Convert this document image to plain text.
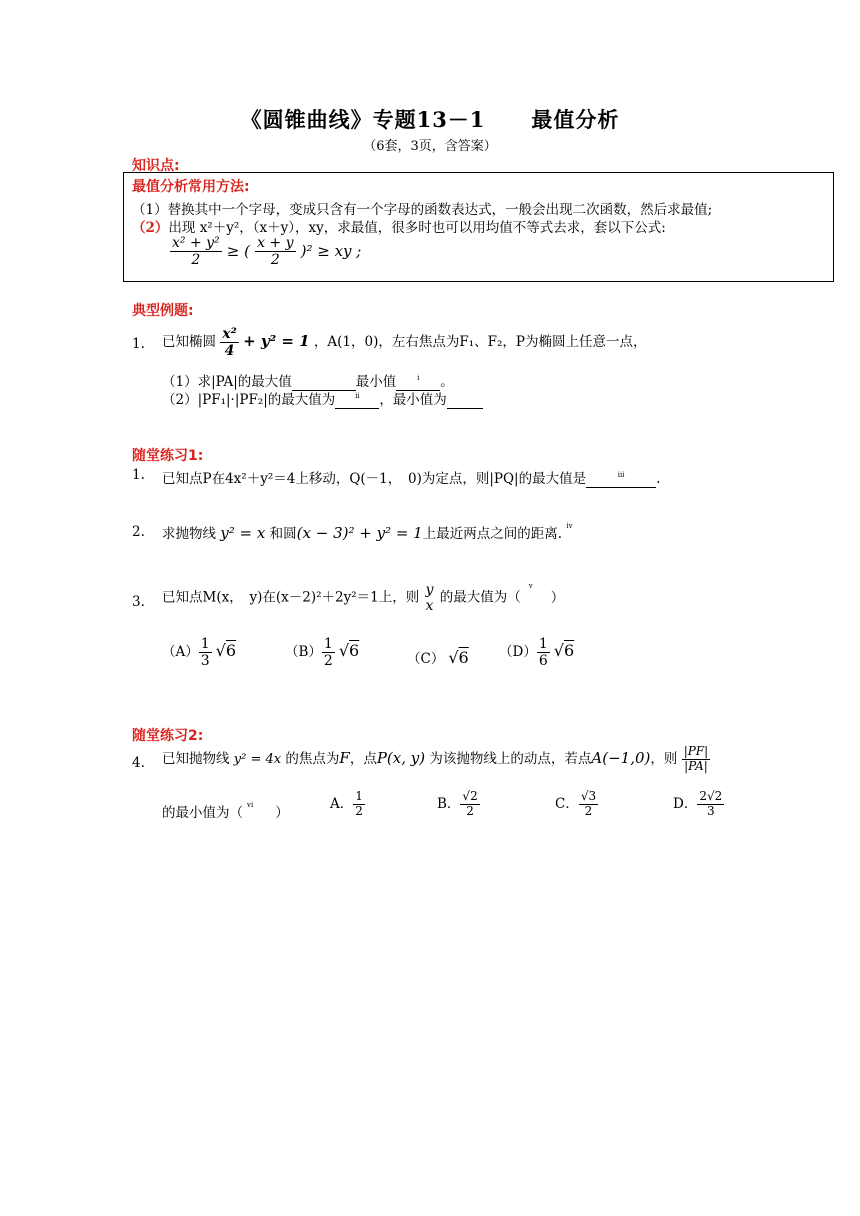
《圆锥曲线》专题13－1 最值分析
（6套，3页，含答案）
知识点:
最值分析常用方法:
（1）替换其中一个字母，变成只含有一个字母的函数表达式，一般会出现二次函数，然后求最值;
（2）出现 x²＋y²，（x＋y），xy，求最值，很多时也可以用均值不等式去求，套以下公式:
$\frac{\text{x² + y²}}{2}$ ≥ ( $\frac{x + y}{2} )^2$ ≥ xy ;
典型例题:
1. 已知椭圆 $\frac{\text{x²}}{4} + y^2 = 1$ ，A(1，0)，左右焦点为F₁、F₂，P为椭圆上任意一点，
（1）求|PA|的最大值	最小值	$^i$ 。
（2）|PF₁|·|PF₂|的最大值为	$^{ii}$ ，最小值为
随堂练习1:
1. 已知点P在4x²＋y²＝4上移动，Q(－1，　0)为定点，则|PQ|的最大值是	$^{iii}$ .
2. 求抛物线 y² = x 和圆(x − 3)² + y² = 1上最近两点之间的距离. $^{iv}$
3. 已知点M(x，　y)在(x－2)²＋2y²＝1上，则 y
x
的最大值为（$^v$）
$(A) \frac{1}{3} √6$	$(B) \frac{1}{2} √6$	（C） √6 $(D) \frac{1}{6} √6$
随堂练习2:
4. 已知抛物线 y² = 4x 的焦点为F，点P(x, y) 为该抛物线上的动点，若点A(−1,0)，则 $\frac{|PF|}{|PA|}$
的最小值为（ $^{vi}$ ）
A． $\frac{1}{2}$	B． $\frac{√2}{2}$	C． $\frac{√3}{2}$	D． $\frac{2√2}{3}$
